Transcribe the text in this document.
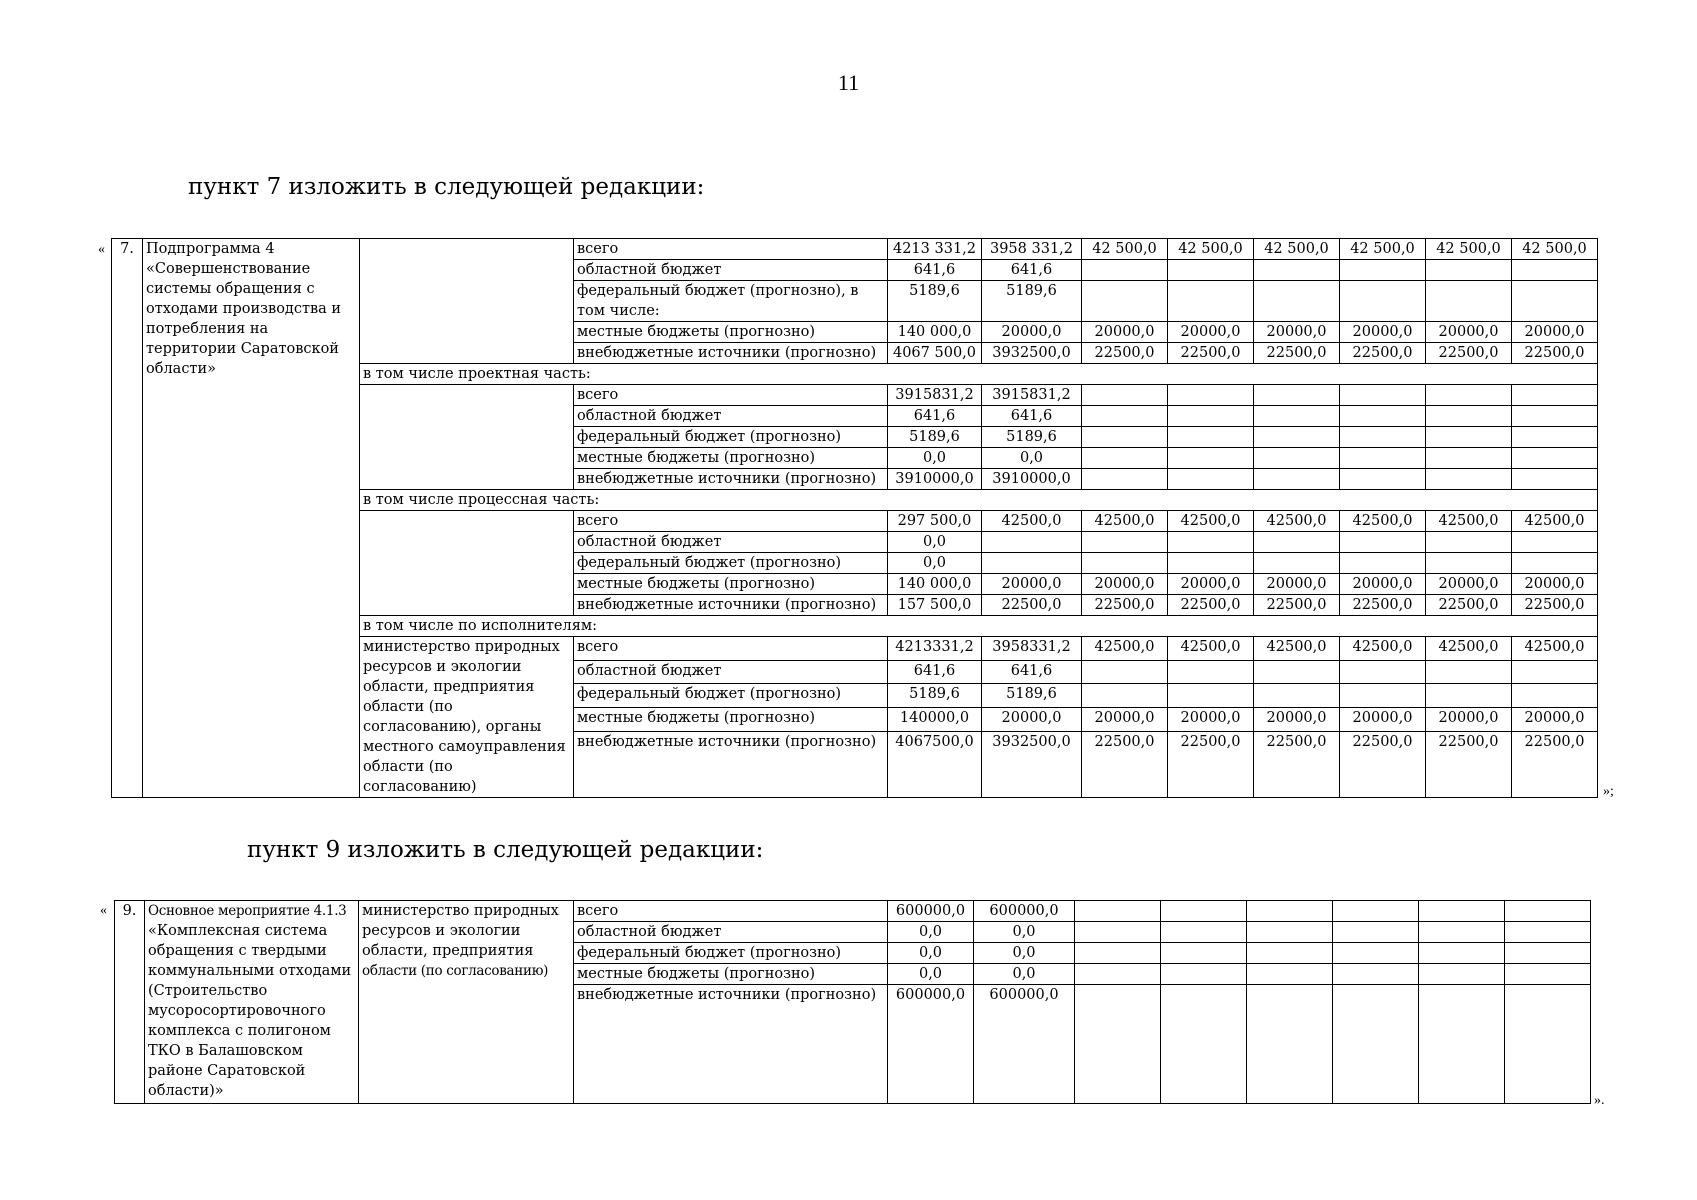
11
пункт 7 изложить в следующей редакции:
«
»;
7.	Подпрограмма 4 «Совершенствование системы обращения с отходами производства и потребления на территории Саратовской области»		всего	4213 331,2	3958 331,2	42 500,0	42 500,0	42 500,0	42 500,0	42 500,0	42 500,0
			областной бюджет	641,6	641,6						
			федеральный бюджет (прогнозно), в том числе:	5189,6	5189,6						
			местные бюджеты (прогнозно)	140 000,0	20000,0	20000,0	20000,0	20000,0	20000,0	20000,0	20000,0
			внебюджетные источники (прогнозно)	4067 500,0	3932500,0	22500,0	22500,0	22500,0	22500,0	22500,0	22500,0
		в том числе проектная часть:									
			всего	3915831,2	3915831,2						
			областной бюджет	641,6	641,6						
			федеральный бюджет (прогнозно)	5189,6	5189,6						
			местные бюджеты (прогнозно)	0,0	0,0						
			внебюджетные источники (прогнозно)	3910000,0	3910000,0						
		в том числе процессная часть:									
			всего	297 500,0	42500,0	42500,0	42500,0	42500,0	42500,0	42500,0	42500,0
			областной бюджет	0,0							
			федеральный бюджет (прогнозно)	0,0							
			местные бюджеты (прогнозно)	140 000,0	20000,0	20000,0	20000,0	20000,0	20000,0	20000,0	20000,0
			внебюджетные источники (прогнозно)	157 500,0	22500,0	22500,0	22500,0	22500,0	22500,0	22500,0	22500,0
		в том числе по исполнителям:									
		министерство природных ресурсов и экологии области, предприятия области (по согласованию), органы местного самоуправления области (по согласованию)	всего	4213331,2	3958331,2	42500,0	42500,0	42500,0	42500,0	42500,0	42500,0
			областной бюджет	641,6	641,6						
			федеральный бюджет (прогнозно)	5189,6	5189,6						
			местные бюджеты (прогнозно)	140000,0	20000,0	20000,0	20000,0	20000,0	20000,0	20000,0	20000,0
			внебюджетные источники (прогнозно)	4067500,0	3932500,0	22500,0	22500,0	22500,0	22500,0	22500,0	22500,0
пункт 9 изложить в следующей редакции:
«
».
9.	Основное мероприятие 4.1.3 «Комплексная система обращения с твердыми коммунальными отходами (Строительство мусоросортировочного комплекса с полигоном ТКО в Балашовском районе Саратовской области)»	министерство природных ресурсов и экологии области, предприятия области (по согласованию)	всего	600000,0	600000,0						
			областной бюджет	0,0	0,0						
			федеральный бюджет (прогнозно)	0,0	0,0						
			местные бюджеты (прогнозно)	0,0	0,0						
			внебюджетные источники (прогнозно)	600000,0	600000,0						
